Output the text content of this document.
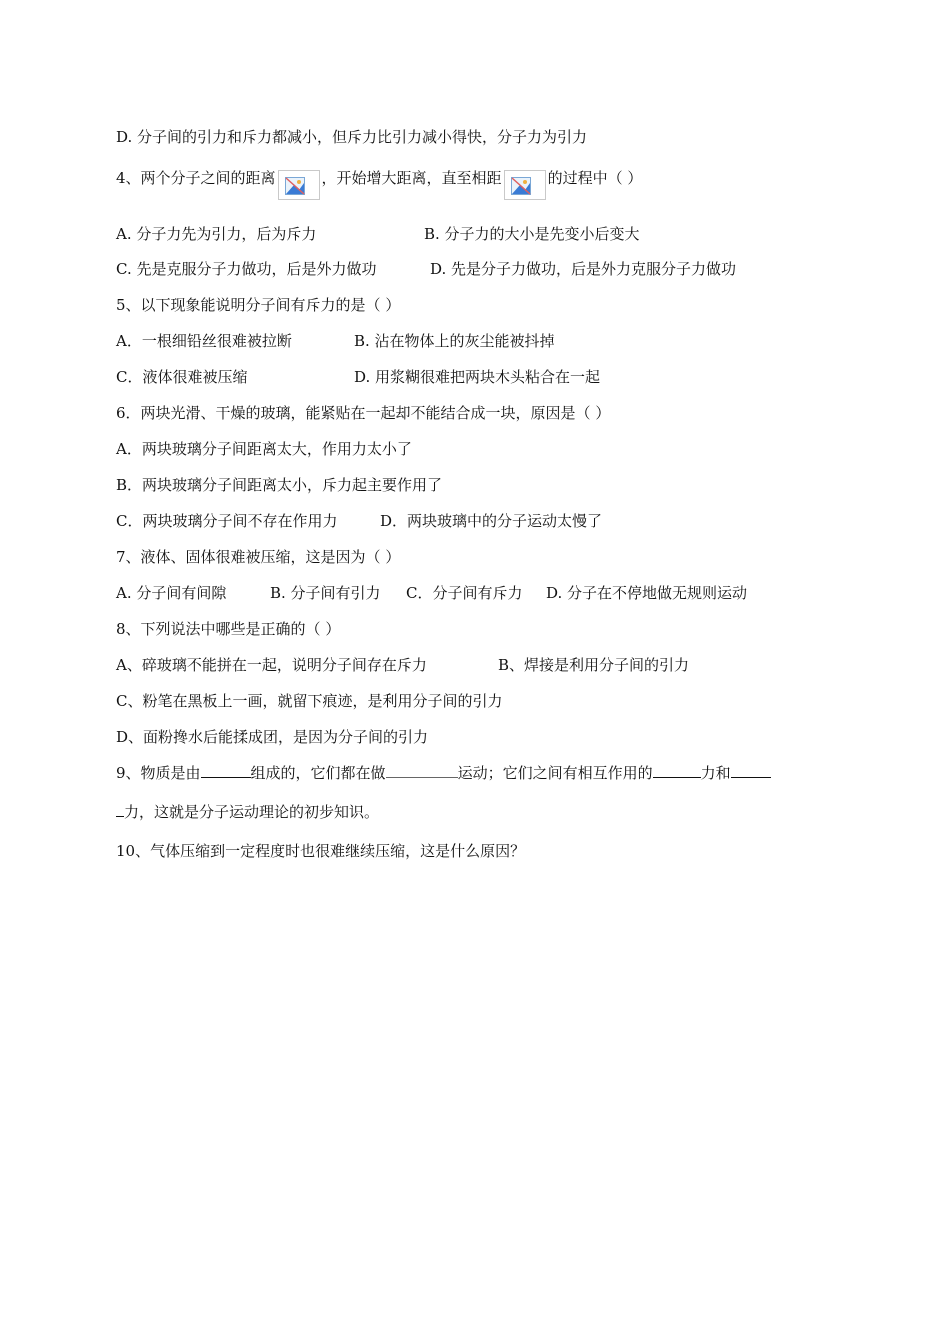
D. 分子间的引力和斥力都减小，但斥力比引力减小得快，分子力为引力
4、两个分子之间的距离	，开始增大距离，直至相距	的过程中（ ）
A. 分子力先为引力，后为斥力	B. 分子力的大小是先变小后变大
C. 先是克服分子力做功，后是外力做功	D. 先是分子力做功，后是外力克服分子力做功
5、以下现象能说明分子间有斥力的是（ ）
A．一根细铅丝很难被拉断	B. 沾在物体上的灰尘能被抖掉
C．液体很难被压缩	D. 用浆糊很难把两块木头粘合在一起
6．两块光滑、干燥的玻璃，能紧贴在一起却不能结合成一块，原因是（ ）
A．两块玻璃分子间距离太大，作用力太小了
B．两块玻璃分子间距离太小，斥力起主要作用了
C．两块玻璃分子间不存在作用力	D．两块玻璃中的分子运动太慢了
7、液体、固体很难被压缩，这是因为（ ）
A. 分子间有间隙	B. 分子间有引力 C．分子间有斥力 D. 分子在不停地做无规则运动
8、下列说法中哪些是正确的（ ）
A、碎玻璃不能拼在一起，说明分子间存在斥力	B、焊接是利用分子间的引力
C、粉笔在黑板上一画，就留下痕迹，是利用分子间的引力
D、面粉搀水后能揉成团，是因为分子间的引力
9、物质是由	组成的，它们都在做	运动；它们之间有相互作用的	力和
力，这就是分子运动理论的初步知识。
10、气体压缩到一定程度时也很难继续压缩，这是什么原因？
